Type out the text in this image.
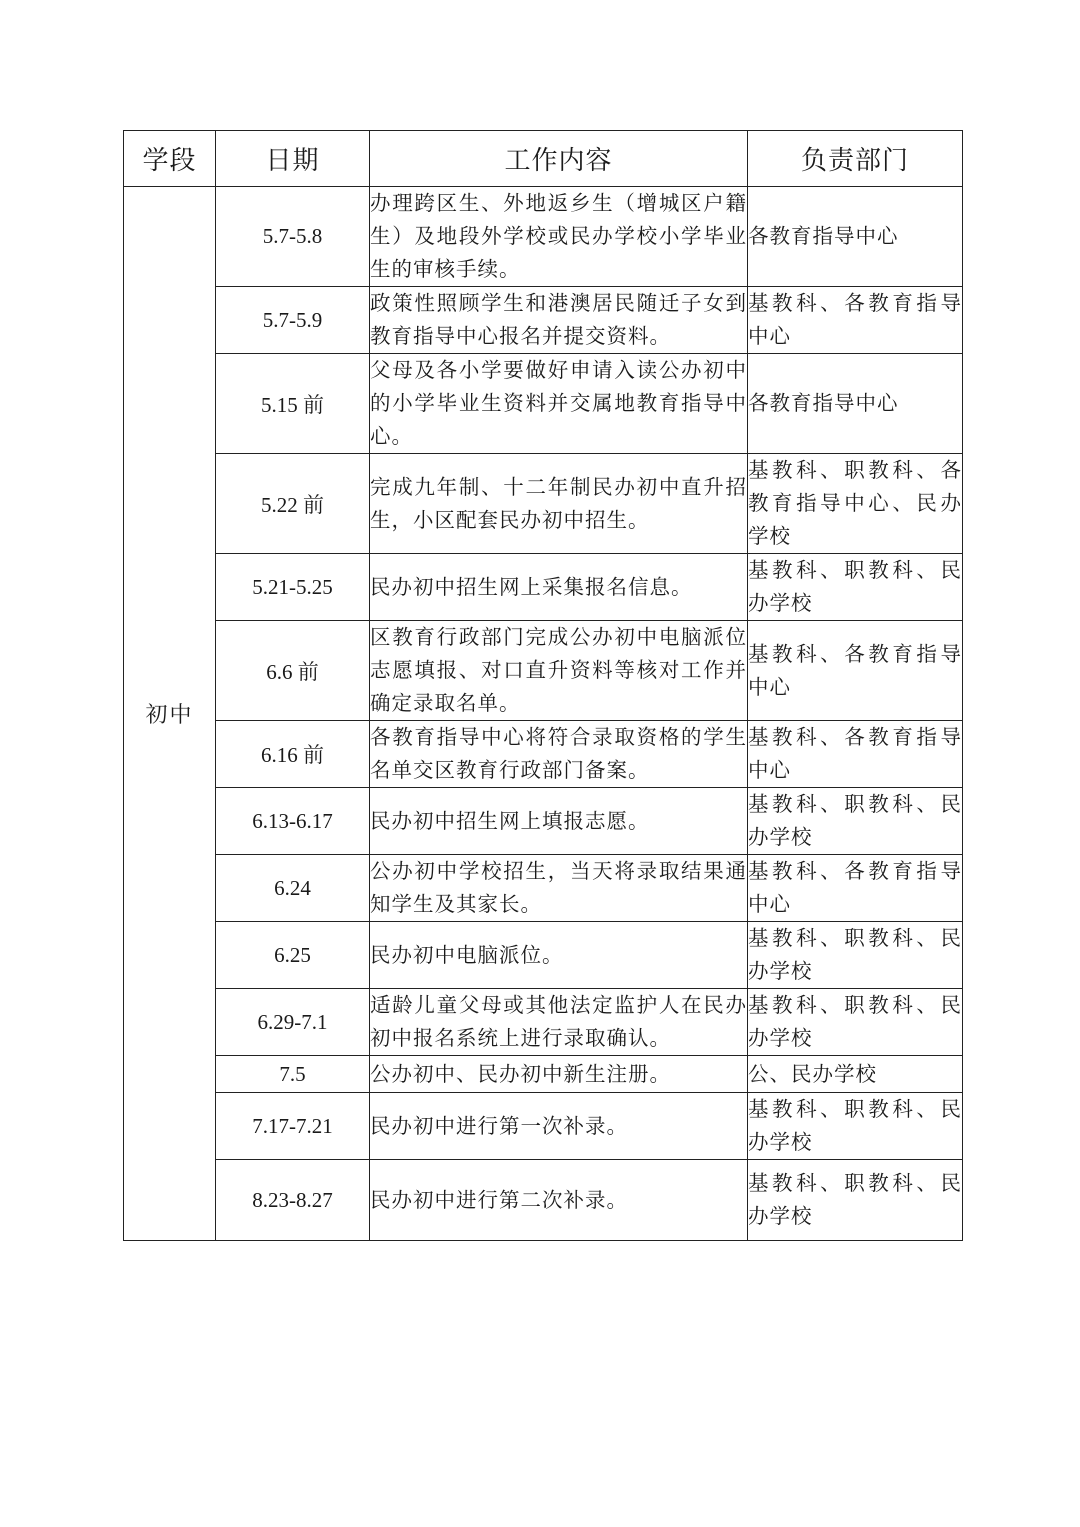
学段	日期	工作内容	负责部门
初中	5.7-5.8	办理跨区生、外地返乡生（增城区户籍生）及地段外学校或民办学校小学毕业生的审核手续。	各教育指导中心
	5.7-5.9	政策性照顾学生和港澳居民随迁子女到教育指导中心报名并提交资料。	基教科、各教育指导中心
	5.15 前	父母及各小学要做好申请入读公办初中的小学毕业生资料并交属地教育指导中心。	各教育指导中心
	5.22 前	完成九年制、十二年制民办初中直升招生，小区配套民办初中招生。	基教科、职教科、各教育指导中心、民办学校
	5.21-5.25	民办初中招生网上采集报名信息。	基教科、职教科、民办学校
	6.6 前	区教育行政部门完成公办初中电脑派位志愿填报、对口直升资料等核对工作并确定录取名单。	基教科、各教育指导中心
	6.16 前	各教育指导中心将符合录取资格的学生名单交区教育行政部门备案。	基教科、各教育指导中心
	6.13-6.17	民办初中招生网上填报志愿。	基教科、职教科、民办学校
	6.24	公办初中学校招生，当天将录取结果通知学生及其家长。	基教科、各教育指导中心
	6.25	民办初中电脑派位。	基教科、职教科、民办学校
	6.29-7.1	适龄儿童父母或其他法定监护人在民办初中报名系统上进行录取确认。	基教科、职教科、民办学校
	7.5	公办初中、民办初中新生注册。	公、民办学校
	7.17-7.21	民办初中进行第一次补录。	基教科、职教科、民办学校
	8.23-8.27	民办初中进行第二次补录。	基教科、职教科、民办学校
